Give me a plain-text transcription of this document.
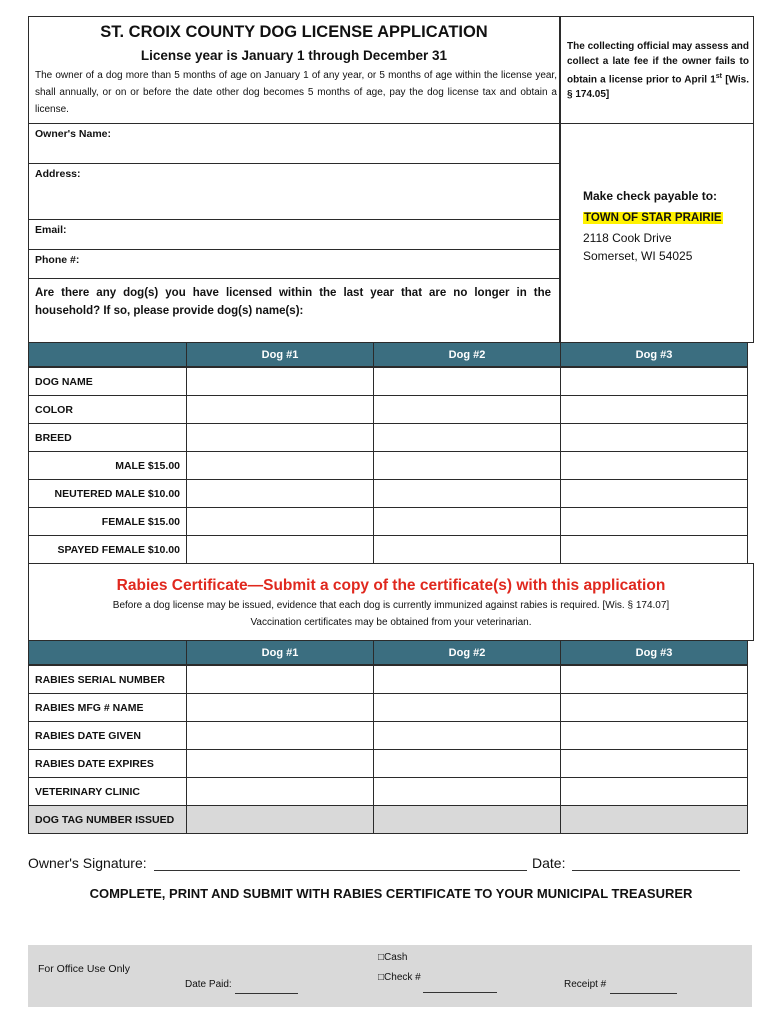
ST. CROIX COUNTY DOG LICENSE APPLICATION
License year is January 1 through December 31
The owner of a dog more than 5 months of age on January 1 of any year, or 5 months of age within the license year, shall annually, or on or before the date other dog becomes 5 months of age, pay the dog license tax and obtain a license.
The collecting official may assess and collect a late fee if the owner fails to obtain a license prior to April 1st [Wis. § 174.05]
Owner's Name:
Address:
Email:
Phone #:
Are there any dog(s) you have licensed within the last year that are no longer in the household? If so, please provide dog(s) name(s):
Make check payable to:
TOWN OF STAR PRAIRIE
2118 Cook Drive
Somerset, WI 54025
Dog #1	Dog #2	Dog #3
DOG NAME
COLOR
BREED
MALE $15.00
NEUTERED MALE $10.00
FEMALE $15.00
SPAYED FEMALE $10.00
Rabies Certificate—Submit a copy of the certificate(s) with this application
Before a dog license may be issued, evidence that each dog is currently immunized against rabies is required. [Wis. § 174.07]
Vaccination certificates may be obtained from your veterinarian.
Dog #1	Dog #2	Dog #3
RABIES SERIAL NUMBER
RABIES MFG # NAME
RABIES DATE GIVEN
RABIES DATE EXPIRES
VETERINARY CLINIC
DOG TAG NUMBER ISSUED
Owner's Signature:	Date:
COMPLETE, PRINT AND SUBMIT WITH RABIES CERTIFICATE TO YOUR MUNICIPAL TREASURER
For Office Use Only
Date Paid:
□Cash
□Check #
Receipt #
